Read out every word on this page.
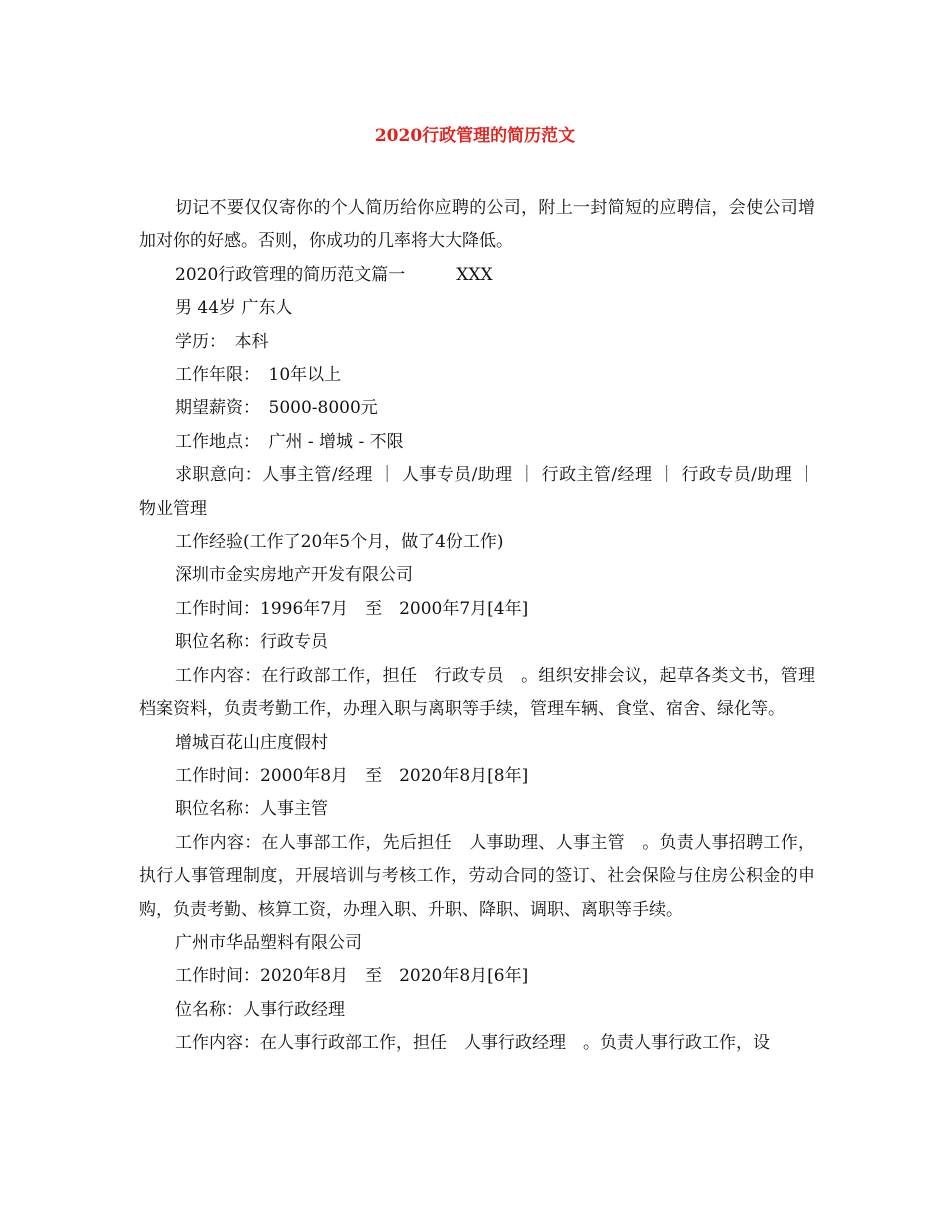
2020行政管理的简历范文

切记不要仅仅寄你的个人简历给你应聘的公司，附上一封简短的应聘信，会使公司增加对你的好感。否则，你成功的几率将大大降低。

2020行政管理的简历范文篇一　　　XXX

男 44岁 广东人

学历：　本科

工作年限：　10年以上

期望薪资：　5000-8000元

工作地点：　广州 - 增城 - 不限

求职意向：人事主管/经理 ｜ 人事专员/助理 ｜ 行政主管/经理 ｜ 行政专员/助理 ｜ 物业管理

工作经验(工作了20年5个月，做了4份工作)

深圳市金实房地产开发有限公司

工作时间：1996年7月　至　2000年7月[4年]

职位名称：行政专员

工作内容：在行政部工作，担任　行政专员　。组织安排会议，起草各类文书，管理档案资料，负责考勤工作，办理入职与离职等手续，管理车辆、食堂、宿舍、绿化等。

增城百花山庄度假村

工作时间：2000年8月　至　2020年8月[8年]

职位名称：人事主管

工作内容：在人事部工作，先后担任　人事助理、人事主管　。负责人事招聘工作，执行人事管理制度，开展培训与考核工作，劳动合同的签订、社会保险与住房公积金的申购，负责考勤、核算工资，办理入职、升职、降职、调职、离职等手续。

广州市华品塑料有限公司

工作时间：2020年8月　至　2020年8月[6年]

位名称：人事行政经理

工作内容：在人事行政部工作，担任　人事行政经理　。负责人事行政工作，设
